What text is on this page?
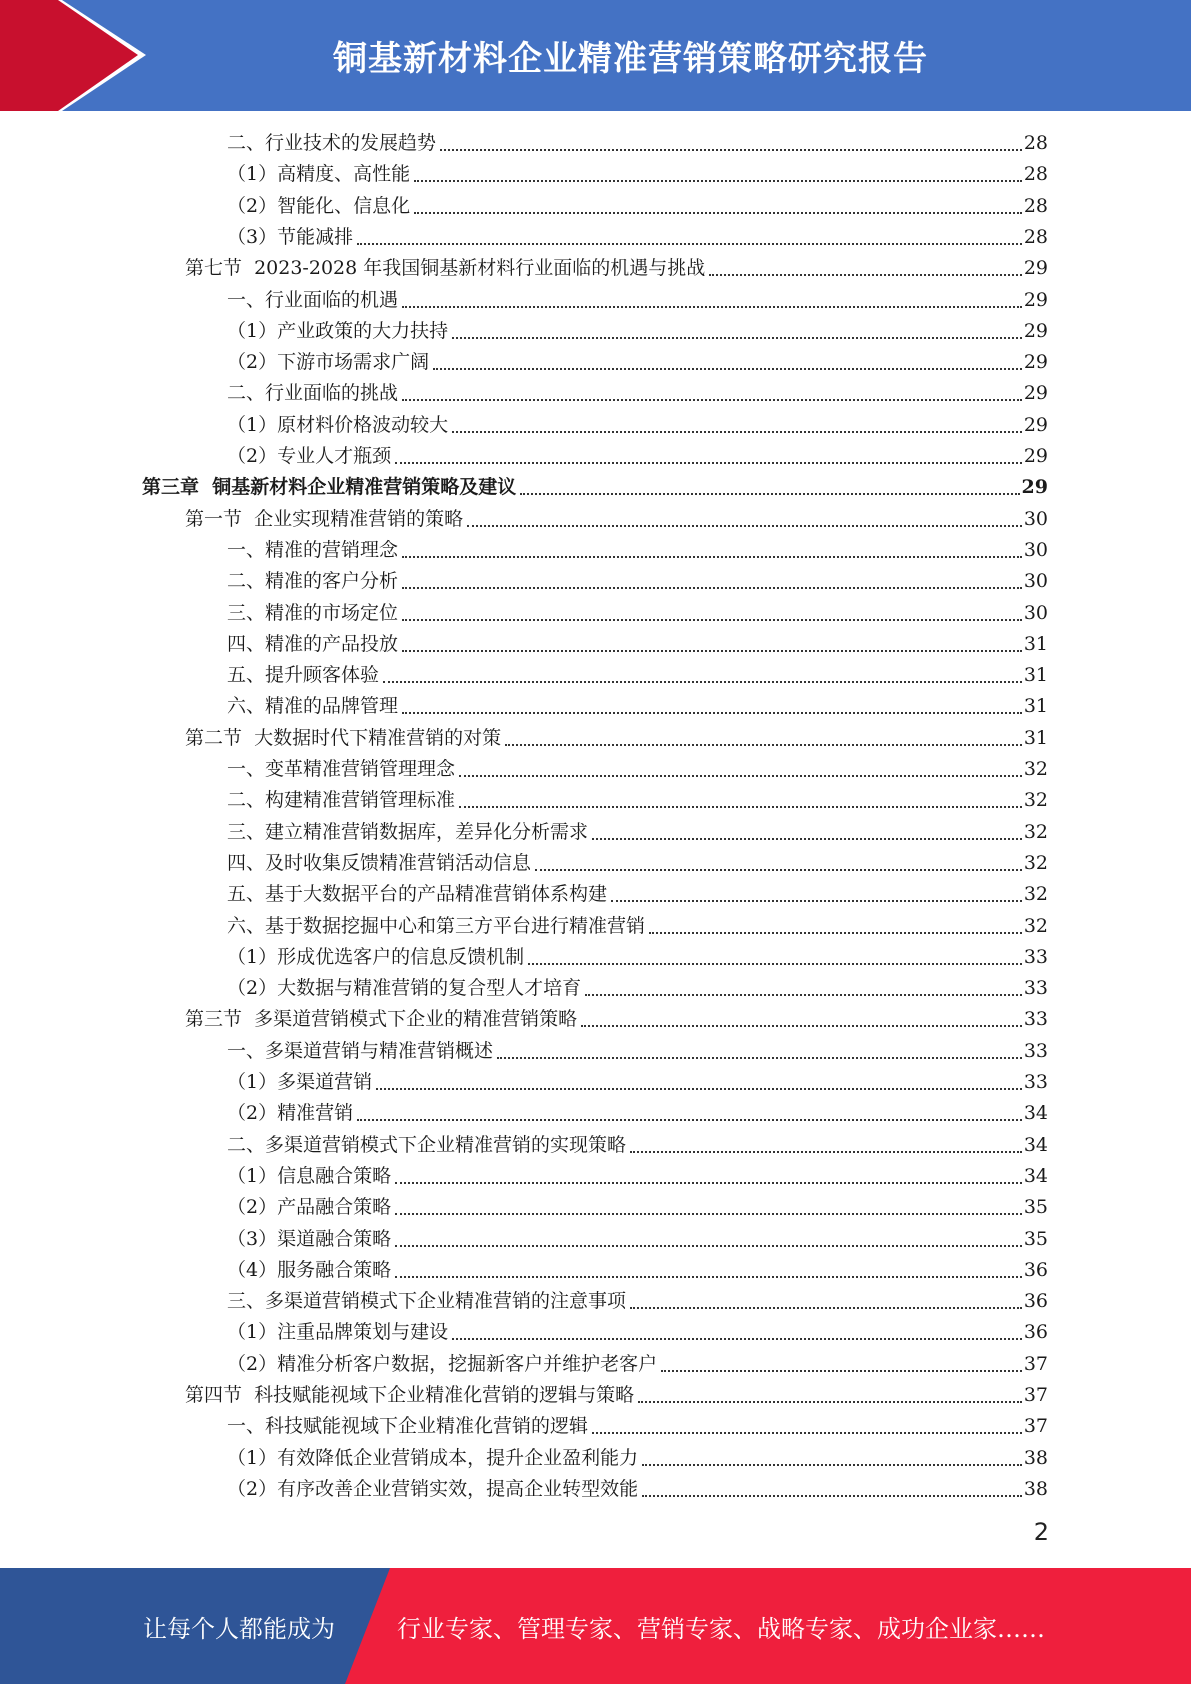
铜基新材料企业精准营销策略研究报告
二、行业技术的发展趋势	28
（1）高精度、高性能	28
（2）智能化、信息化	28
（3）节能减排	28
第七节  2023-2028 年我国铜基新材料行业面临的机遇与挑战	29
一、行业面临的机遇	29
（1）产业政策的大力扶持	29
（2）下游市场需求广阔	29
二、行业面临的挑战	29
（1）原材料价格波动较大	29
（2）专业人才瓶颈	29
第三章  铜基新材料企业精准营销策略及建议	29
第一节  企业实现精准营销的策略	30
一、精准的营销理念	30
二、精准的客户分析	30
三、精准的市场定位	30
四、精准的产品投放	31
五、提升顾客体验	31
六、精准的品牌管理	31
第二节  大数据时代下精准营销的对策	31
一、变革精准营销管理理念	32
二、构建精准营销管理标准	32
三、建立精准营销数据库，差异化分析需求	32
四、及时收集反馈精准营销活动信息	32
五、基于大数据平台的产品精准营销体系构建	32
六、基于数据挖掘中心和第三方平台进行精准营销	32
（1）形成优选客户的信息反馈机制	33
（2）大数据与精准营销的复合型人才培育	33
第三节  多渠道营销模式下企业的精准营销策略	33
一、多渠道营销与精准营销概述	33
（1）多渠道营销	33
（2）精准营销	34
二、多渠道营销模式下企业精准营销的实现策略	34
（1）信息融合策略	34
（2）产品融合策略	35
（3）渠道融合策略	35
（4）服务融合策略	36
三、多渠道营销模式下企业精准营销的注意事项	36
（1）注重品牌策划与建设	36
（2）精准分析客户数据，挖掘新客户并维护老客户	37
第四节  科技赋能视域下企业精准化营销的逻辑与策略	37
一、科技赋能视域下企业精准化营销的逻辑	37
（1）有效降低企业营销成本，提升企业盈利能力	38
（2）有序改善企业营销实效，提高企业转型效能	38
2
让每个人都能成为	行业专家、管理专家、营销专家、战略专家、成功企业家……
